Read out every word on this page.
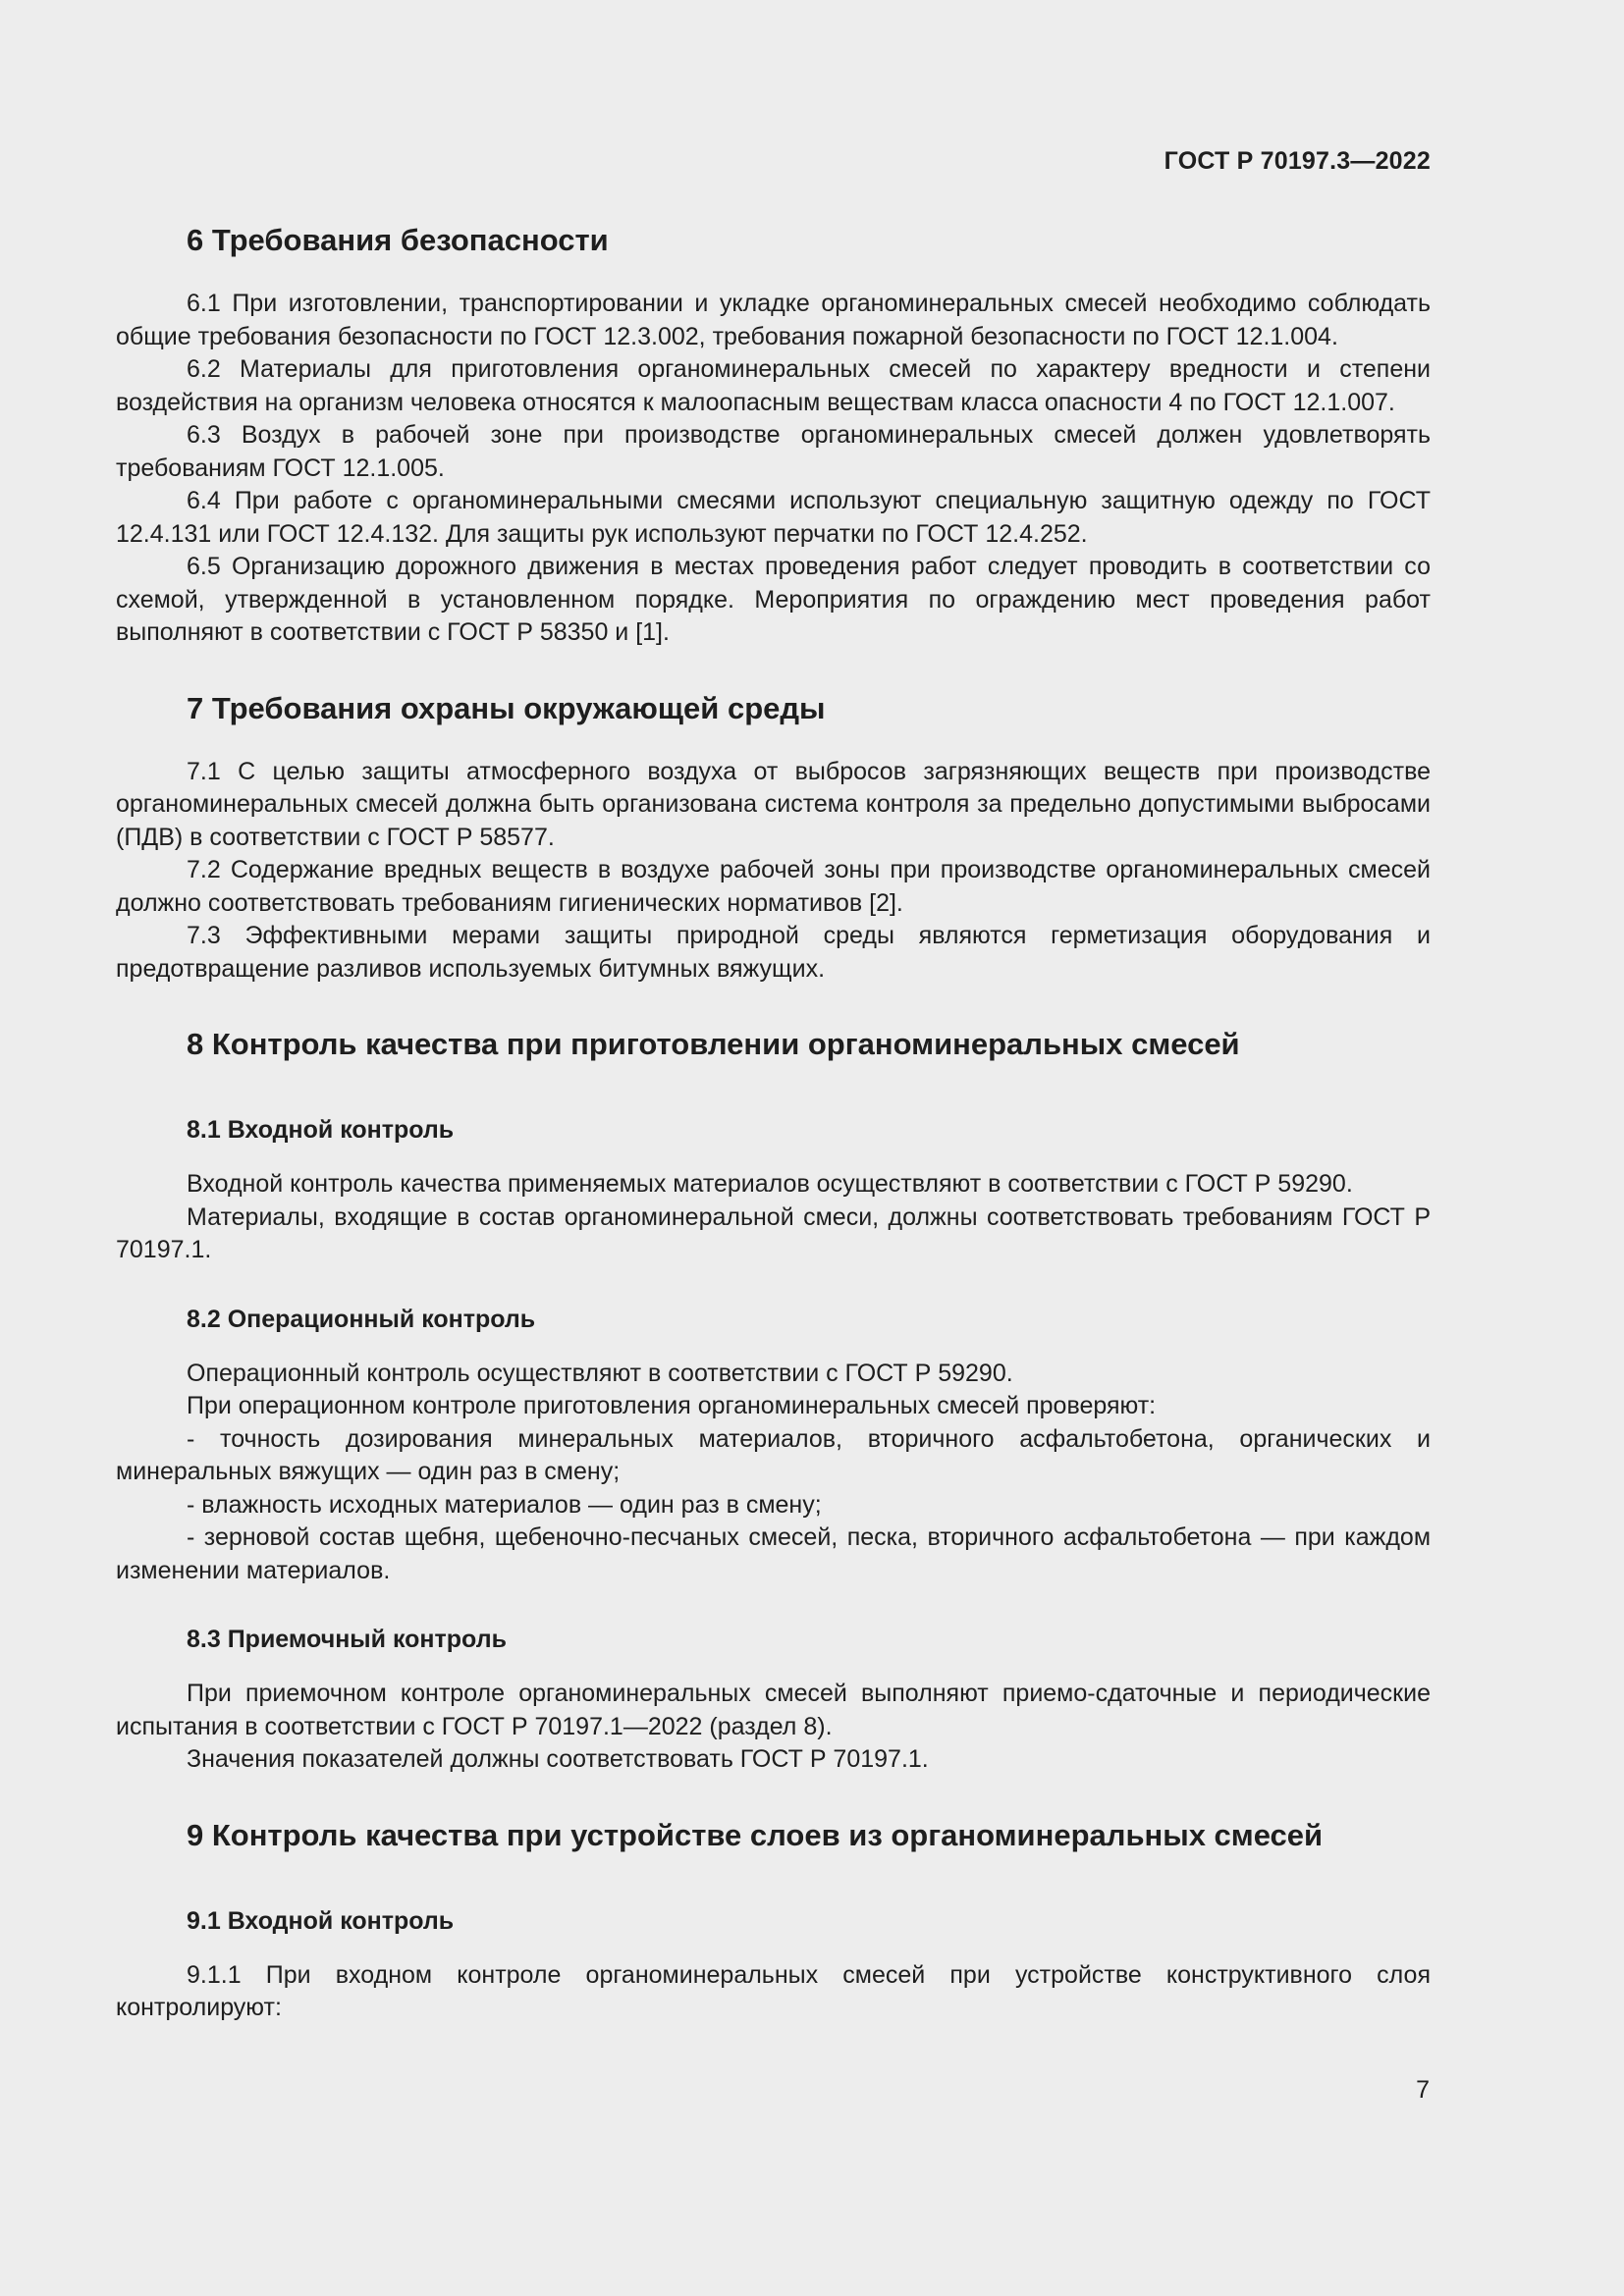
ГОСТ Р 70197.3—2022
6 Требования безопасности

6.1 При изготовлении, транспортировании и укладке органоминеральных смесей необходимо соблюдать общие требования безопасности по ГОСТ 12.3.002, требования пожарной безопасности по ГОСТ 12.1.004.

6.2 Материалы для приготовления органоминеральных смесей по характеру вредности и степени воздействия на организм человека относятся к малоопасным веществам класса опасности 4 по ГОСТ 12.1.007.

6.3 Воздух в рабочей зоне при производстве органоминеральных смесей должен удовлетворять требованиям ГОСТ 12.1.005.

6.4 При работе с органоминеральными смесями используют специальную защитную одежду по ГОСТ 12.4.131 или ГОСТ 12.4.132. Для защиты рук используют перчатки по ГОСТ 12.4.252.

6.5 Организацию дорожного движения в местах проведения работ следует проводить в соответствии со схемой, утвержденной в установленном порядке. Мероприятия по ограждению мест проведения работ выполняют в соответствии с ГОСТ Р 58350 и [1].

7 Требования охраны окружающей среды

7.1 С целью защиты атмосферного воздуха от выбросов загрязняющих веществ при производстве органоминеральных смесей должна быть организована система контроля за предельно допустимыми выбросами (ПДВ) в соответствии с ГОСТ Р 58577.

7.2 Содержание вредных веществ в воздухе рабочей зоны при производстве органоминеральных смесей должно соответствовать требованиям гигиенических нормативов [2].

7.3 Эффективными мерами защиты природной среды являются герметизация оборудования и предотвращение разливов используемых битумных вяжущих.

8 Контроль качества при приготовлении органоминеральных смесей
8.1 Входной контроль

Входной контроль качества применяемых материалов осуществляют в соответствии с ГОСТ Р 59290.

Материалы, входящие в состав органоминеральной смеси, должны соответствовать требованиям ГОСТ Р 70197.1.

8.2 Операционный контроль

Операционный контроль осуществляют в соответствии с ГОСТ Р 59290.

При операционном контроле приготовления органоминеральных смесей проверяют:

- точность дозирования минеральных материалов, вторичного асфальтобетона, органических и минеральных вяжущих — один раз в смену;

- влажность исходных материалов — один раз в смену;

- зерновой состав щебня, щебеночно-песчаных смесей, песка, вторичного асфальтобетона — при каждом изменении материалов.

8.3 Приемочный контроль

При приемочном контроле органоминеральных смесей выполняют приемо-сдаточные и периодические испытания в соответствии с ГОСТ Р 70197.1—2022 (раздел 8).

Значения показателей должны соответствовать ГОСТ Р 70197.1.

9 Контроль качества при устройстве слоев из органоминеральных смесей
9.1 Входной контроль

9.1.1 При входном контроле органоминеральных смесей при устройстве конструктивного слоя контролируют:

7
